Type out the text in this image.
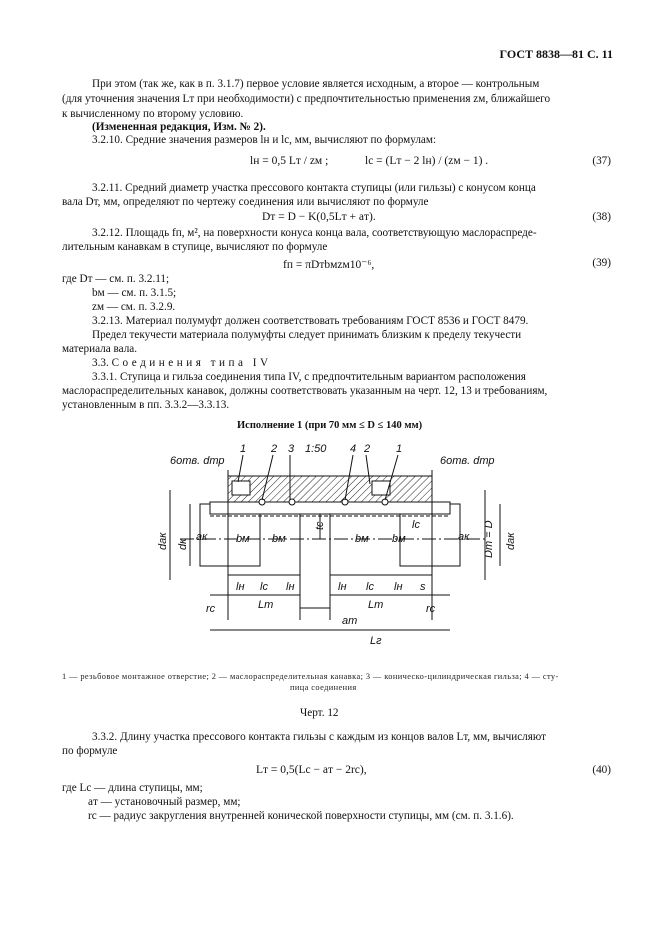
ГОСТ 8838—81 С. 11
При этом (так же, как в п. 3.1.7) первое условие является исходным, а второе — контрольным
(для уточнения значения Lт при необходимости) с предпочтительностью применения zм, ближайшего
к вычисленному по второму условию.
(Измененная редакция, Изм. № 2).
3.2.10. Средние значения размеров lн и lс, мм, вычисляют по формулам:
lн = 0,5 Lт / zм ;	lс = (Lт − 2 lн) / (zм − 1) .	(37)
3.2.11. Средний диаметр участка прессового контакта ступицы (или гильзы) с конусом конца
вала Dт, мм, определяют по чертежу соединения или вычисляют по формуле
Dт = D − K(0,5Lт + aт).	(38)
3.2.12. Площадь fп, м², на поверхности конуса конца вала, соответствующую маслораспреде-
лительным канавкам в ступице, вычисляют по формуле
fп = πDтbмzм10⁻⁶,	(39)
где Dт — см. п. 3.2.11;
bм — см. п. 3.1.5;
zм — см. п. 3.2.9.
3.2.13. Материал полумуфт должен соответствовать требованиям ГОСТ 8536 и ГОСТ 8479.
Предел текучести материала полумуфты следует принимать близким к пределу текучести
материала вала.
3.3. Соединения типа IV
3.3.1. Ступица и гильза соединения типа IV, с предпочтительным вариантом расположения
маслораспределительных канавок, должны соответствовать указанным на черт. 12, 13 и требованиям,
установленным в пп. 3.3.2—3.3.13.
Исполнение 1 (при 70 мм ≤ D ≤ 140 мм)
6отв. dтр	6отв. dтр
1 2 3 1:50 4 2 1
dак dк
aк	bм bм	bм bм	aк	dак
Dт = D
tс	lс
lн lс lн	lн lс lн s
rс	Lт	Lт	rс
aт
Lг
1 — резьбовое монтажное отверстие; 2 — маслораспределительная канавка; 3 — коническо-цилиндрическая гильза; 4 — сту-
пица соединения
Черт. 12
3.3.2. Длину участка прессового контакта гильзы с каждым из концов валов Lт, мм, вычисляют
по формуле
Lт = 0,5(Lс − aт − 2rс),	(40)
где Lс — длина ступицы, мм;
aт — установочный размер, мм;
rс — радиус закругления внутренней конической поверхности ступицы, мм (см. п. 3.1.6).
